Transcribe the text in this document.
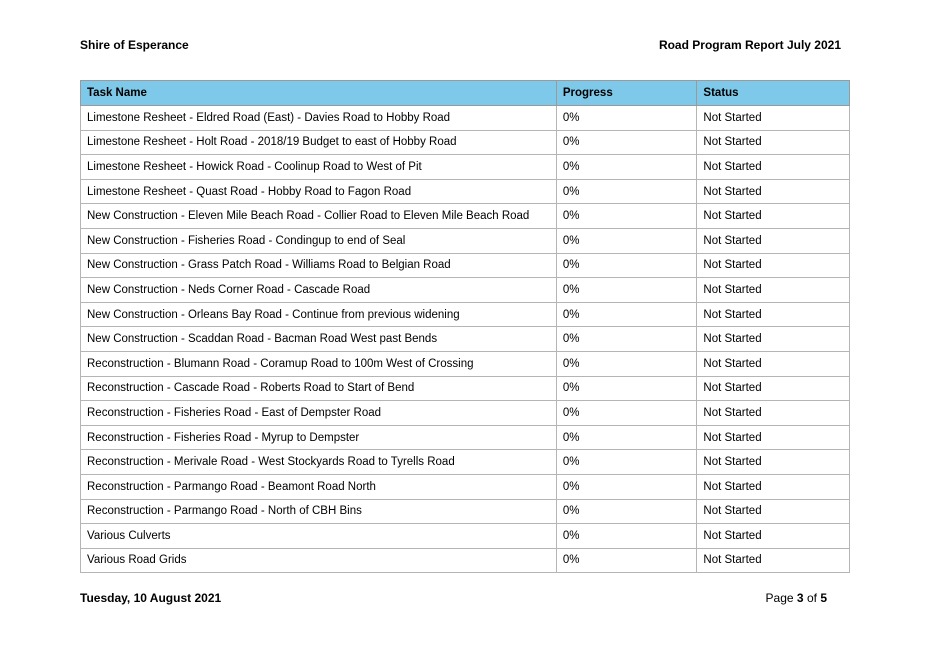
Shire of Esperance	Road Program Report July 2021
Task Name	Progress	Status
Limestone Resheet - Eldred Road (East) - Davies Road to Hobby Road	0%	Not Started
Limestone Resheet - Holt Road - 2018/19 Budget to east of Hobby Road	0%	Not Started
Limestone Resheet - Howick Road - Coolinup Road to West of Pit	0%	Not Started
Limestone Resheet - Quast Road - Hobby Road to Fagon Road	0%	Not Started
New Construction - Eleven Mile Beach Road - Collier Road to Eleven Mile Beach Road	0%	Not Started
New Construction - Fisheries Road - Condingup to end of Seal	0%	Not Started
New Construction - Grass Patch Road - Williams Road to Belgian Road	0%	Not Started
New Construction - Neds Corner Road - Cascade Road	0%	Not Started
New Construction - Orleans Bay Road - Continue from previous widening	0%	Not Started
New Construction - Scaddan Road - Bacman Road West past Bends	0%	Not Started
Reconstruction - Blumann Road - Coramup Road to 100m West of Crossing	0%	Not Started
Reconstruction - Cascade Road - Roberts Road to Start of Bend	0%	Not Started
Reconstruction - Fisheries Road - East of Dempster Road	0%	Not Started
Reconstruction - Fisheries Road - Myrup to Dempster	0%	Not Started
Reconstruction - Merivale Road - West Stockyards Road to Tyrells Road	0%	Not Started
Reconstruction - Parmango Road - Beamont Road North	0%	Not Started
Reconstruction - Parmango Road - North of CBH Bins	0%	Not Started
Various Culverts	0%	Not Started
Various Road Grids	0%	Not Started
Tuesday, 10 August 2021	Page 3 of 5
